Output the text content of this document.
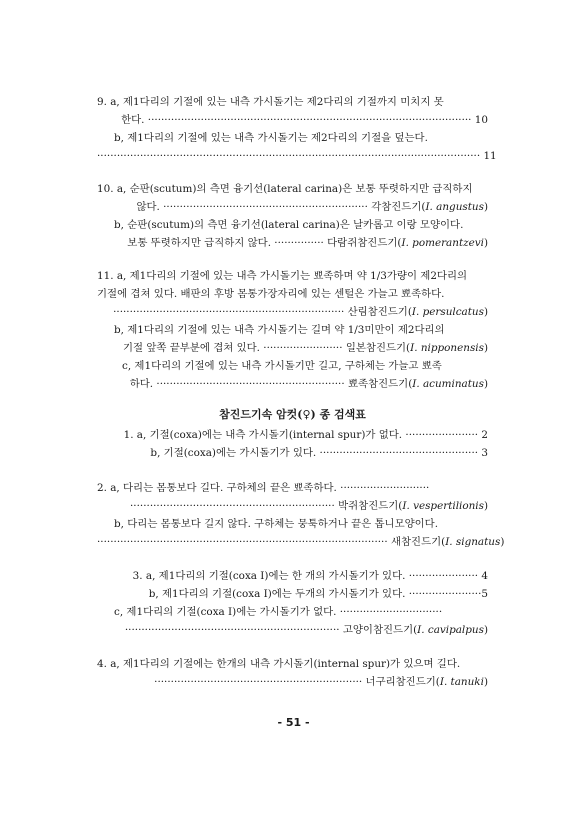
9. a, 제1다리의 기절에 있는 내측 가시돌기는 제2다리의 기절까지 미치지 못
한다. ·································································································· 10
b, 제1다리의 기절에 있는 내측 가시돌기는 제2다리의 기절을 덮는다.
···················································································································· 11
10. a, 순판(scutum)의 측면 융기선(lateral carina)은 보통 뚜렷하지만 급직하지
않다. ······························································ 각참진드기(I. angustus)
b, 순판(scutum)의 측면 융기선(lateral carina)은 날카롭고 이랑 모양이다.
보통 뚜렷하지만 급직하지 않다. ··············· 다람쥐참진드기(I. pomerantzevi)
11. a, 제1다리의 기절에 있는 내측 가시돌기는 뾰족하며 약 1/3가량이 제2다리의
기절에 겹쳐 있다. 배판의 후방 몸통가장자리에 있는 센털은 가늘고 뾰족하다.
······································································ 산림참진드기(I. persulcatus)
b, 제1다리의 기절에 있는 내측 가시돌기는 길며 약 1/3미만이 제2다리의
기절 앞쪽 끝부분에 겹쳐 있다. ························ 일본참진드기(I. nipponensis)
c, 제1다리의 기절에 있는 내측 가시돌기만 길고, 구하체는 가늘고 뾰족
하다. ························································· 뾰족참진드기(I. acuminatus)
참진드기속 암컷(♀) 종 검색표
1. a, 기절(coxa)에는 내측 가시돌기(internal spur)가 없다. ······················ 2
b, 기절(coxa)에는 가시돌기가 있다. ················································ 3
2. a, 다리는 몸통보다 길다. 구하체의 끝은 뾰족하다. ···························
······························································ 박쥐참진드기(I. vespertilionis)
b, 다리는 몸통보다 길지 않다. 구하체는 뭉툭하거나 끝은 톱니모양이다.
························································································ 새참진드기(I. signatus)
3. a, 제1다리의 기절(coxa I)에는 한 개의 가시돌기가 있다. ····················· 4
b, 제1다리의 기절(coxa I)에는 두개의 가시돌기가 있다. ······················5
c, 제1다리의 기절(coxa I)에는 가시돌기가 없다. ·······························
································································· 고양이참진드기(I. cavipalpus)
4. a, 제1다리의 기절에는 한개의 내측 가시돌기(internal spur)가 있으며 길다.
······························································· 너구리참진드기(I. tanuki)
- 51 -
